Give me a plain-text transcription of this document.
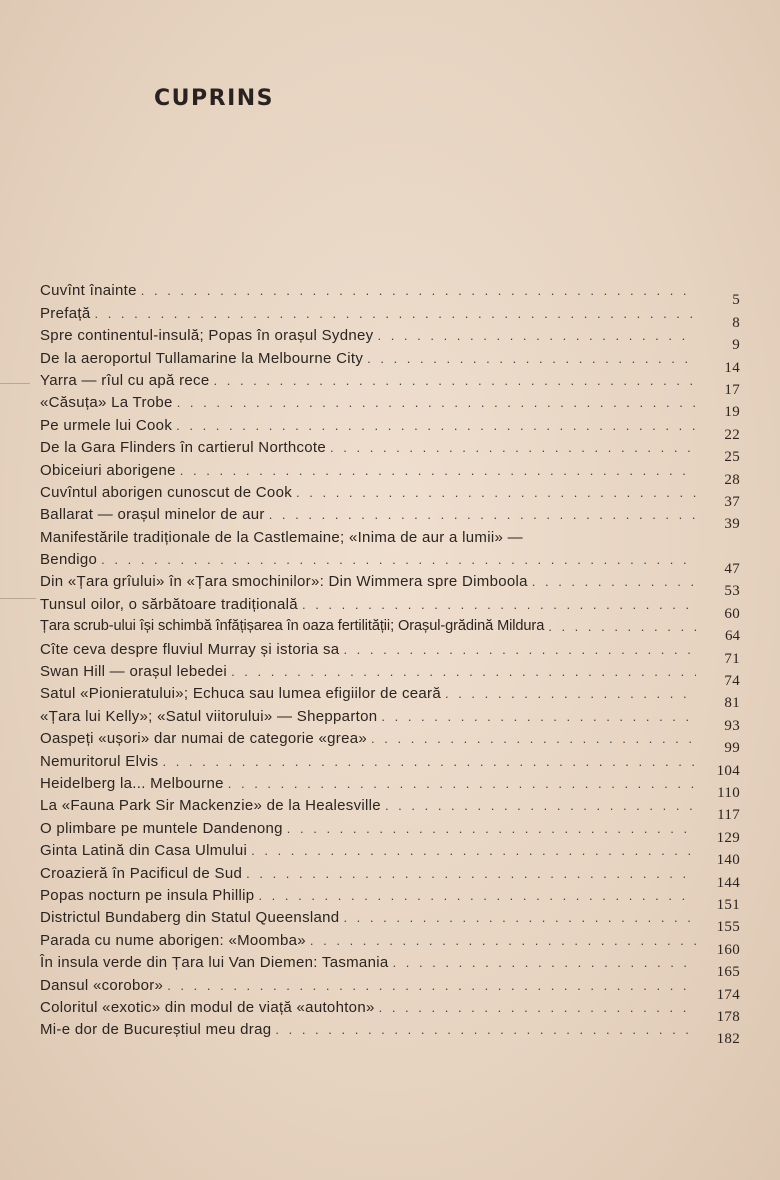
CUPRINS
Cuvînt înainte
. . .
5
Prefață
. . .
8
Spre continentul-insulă; Popas în orașul Sydney
. . .
9
De la aeroportul Tullamarine la Melbourne City
. . .
14
Yarra — rîul cu apă rece
. . .
17
«Căsuța» La Trobe
. . .
19
Pe urmele lui Cook
. . .
22
De la Gara Flinders în cartierul Northcote
. . .
25
Obiceiuri aborigene
. . .
28
Cuvîntul aborigen cunoscut de Cook
. . .
37
Ballarat — orașul minelor de aur
. . .
39
Manifestările tradiționale de la Castlemaine; «Inima de aur a lumii» —
Bendigo
. . .
47
Din «Țara grîului» în «Țara smochinilor»: Din Wimmera spre Dimboola
. . .
53
Tunsul oilor, o sărbătoare tradițională
. . .
60
Țara scrub-ului își schimbă înfățișarea în oaza fertilității; Orașul-grădină Mildura
. . .
64
Cîte ceva despre fluviul Murray și istoria sa
. . .
71
Swan Hill — orașul lebedei
. . .
74
Satul «Pionieratului»; Echuca sau lumea efigiilor de ceară
. . .
81
«Țara lui Kelly»; «Satul viitorului» — Shepparton
. . .
93
Oaspeți «ușori» dar numai de categorie «grea»
. . .
99
Nemuritorul Elvis
. . .
104
Heidelberg la... Melbourne
. . .
110
La «Fauna Park Sir Mackenzie» de la Healesville
. . .
117
O plimbare pe muntele Dandenong
. . .
129
Ginta Latină din Casa Ulmului
. . .
140
Croazieră în Pacificul de Sud
. . .
144
Popas nocturn pe insula Phillip
. . .
151
Districtul Bundaberg din Statul Queensland
. . .
155
Parada cu nume aborigen: «Moomba»
. . .
160
În insula verde din Țara lui Van Diemen: Tasmania
. . .
165
Dansul «corobor»
. . .
174
Coloritul «exotic» din modul de viață «autohton»
. . .
178
Mi-e dor de Bucureștiul meu drag
. . .
182
